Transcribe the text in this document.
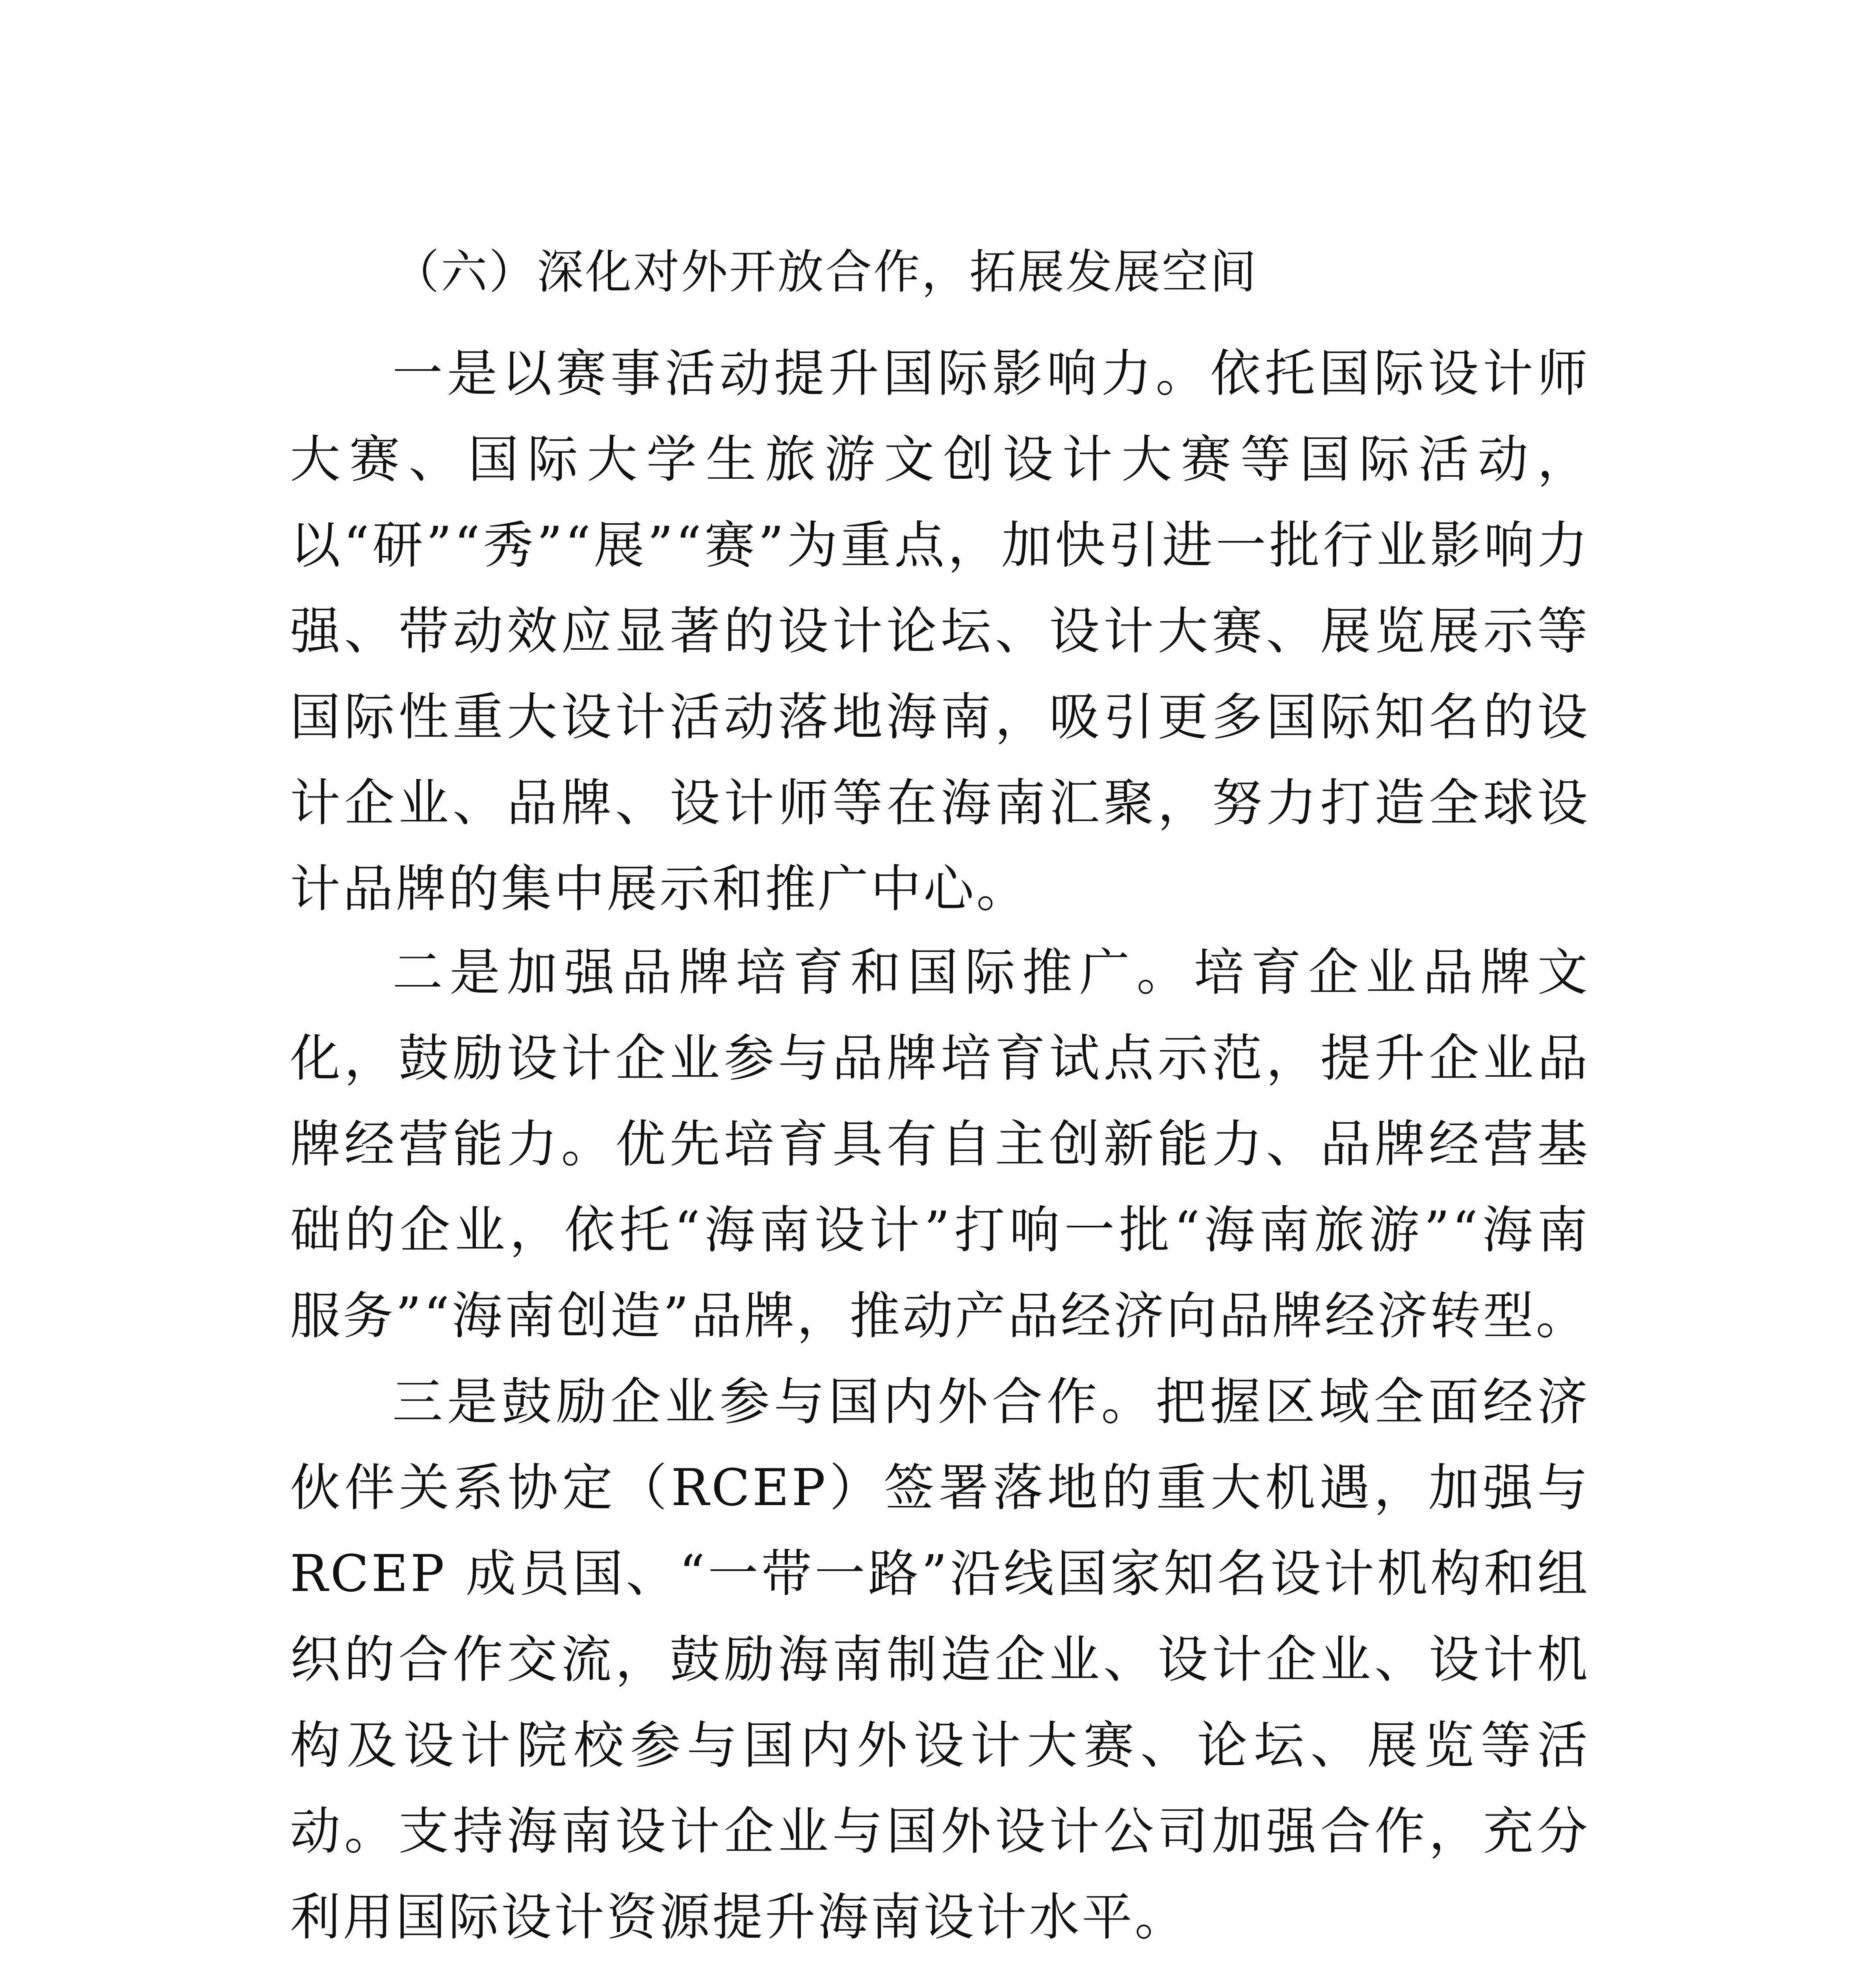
（六）深化对外开放合作，拓展发展空间
一是以赛事活动提升国际影响力。依托国际设计师大赛、国际大学生旅游文创设计大赛等国际活动，以“研”“秀”“展”“赛”为重点，加快引进一批行业影响力强、带动效应显著的设计论坛、设计大赛、展览展示等国际性重大设计活动落地海南，吸引更多国际知名的设计企业、品牌、设计师等在海南汇聚，努力打造全球设计品牌的集中展示和推广中心。
二是加强品牌培育和国际推广。培育企业品牌文化，鼓励设计企业参与品牌培育试点示范，提升企业品牌经营能力。优先培育具有自主创新能力、品牌经营基础的企业，依托“海南设计”打响一批“海南旅游”“海南服务”“海南创造”品牌，推动产品经济向品牌经济转型。
三是鼓励企业参与国内外合作。把握区域全面经济伙伴关系协定（RCEP）签署落地的重大机遇，加强与 RCEP 成员国、“一带一路”沿线国家知名设计机构和组织的合作交流，鼓励海南制造企业、设计企业、设计机构及设计院校参与国内外设计大赛、论坛、展览等活动。支持海南设计企业与国外设计公司加强合作，充分利用国际设计资源提升海南设计水平。
